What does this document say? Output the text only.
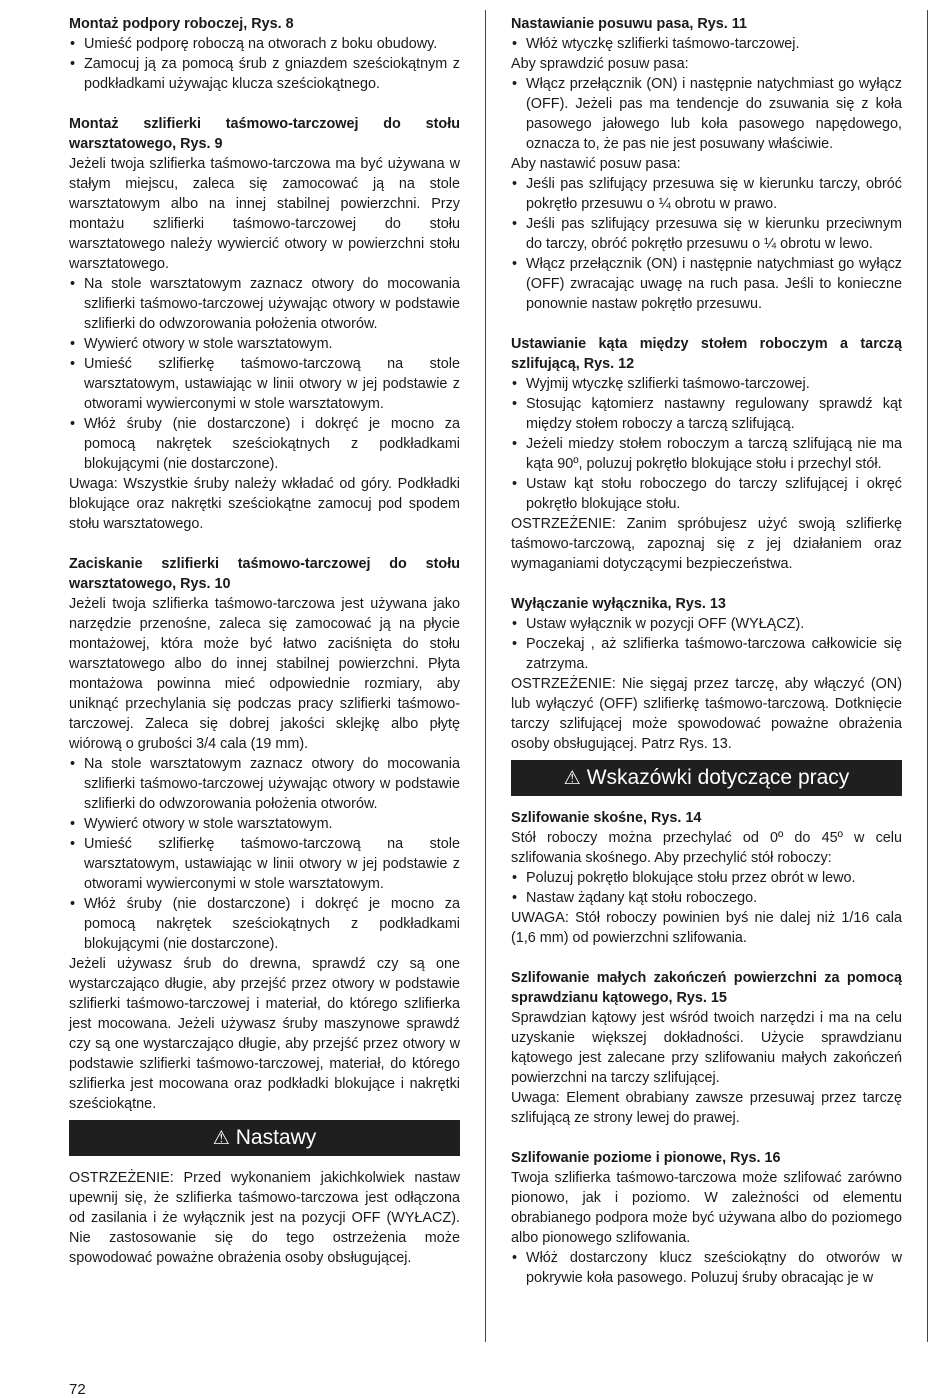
Montaż podpory roboczej, Rys. 8
• Umieść podporę roboczą na otworach z boku obudowy.
• Zamocuj ją za pomocą śrub z gniazdem sześciokątnym z podkładkami używając klucza sześciokątnego.
Montaż szlifierki taśmowo-tarczowej do stołu warsztatowego, Rys. 9

Jeżeli twoja szlifierka taśmowo-tarczowa ma być używana w stałym miejscu, zaleca się zamocować ją na stole warsztatowym albo na innej stabilnej powierzchni. Przy montażu szlifierki taśmowo-tarczowej do stołu warsztatowego należy wywiercić otwory w powierzchni stołu warsztatowego.

• Na stole warsztatowym zaznacz otwory do mocowania szlifierki taśmowo-tarczowej używając otwory w podstawie szlifierki do odwzorowania położenia otworów.
• Wywierć otwory w stole warsztatowym.
• Umieść szlifierkę taśmowo-tarczową na stole warsztatowym, ustawiając w linii otwory w jej podstawie z otworami wywierconymi w stole warsztatowym.
• Włóż śruby (nie dostarczone) i dokręć je mocno za pomocą nakrętek sześciokątnych z podkładkami blokującymi (nie dostarczone).

Uwaga: Wszystkie śruby należy wkładać od góry. Podkładki blokujące oraz nakrętki sześciokątne zamocuj pod spodem stołu warsztatowego.

Zaciskanie szlifierki taśmowo-tarczowej do stołu warsztatowego, Rys. 10

Jeżeli twoja szlifierka taśmowo-tarczowa jest używana jako narzędzie przenośne, zaleca się zamocować ją na płycie montażowej, która może być łatwo zaciśnięta do stołu warsztatowego albo do innej stabilnej powierzchni. Płyta montażowa powinna mieć odpowiednie rozmiary, aby uniknąć przechylania się podczas pracy szlifierki taśmowo-tarczowej. Zaleca się dobrej jakości sklejkę albo płytę wiórową o grubości 3/4 cala (19 mm).

• Na stole warsztatowym zaznacz otwory do mocowania szlifierki taśmowo-tarczowej używając otwory w podstawie szlifierki do odwzorowania położenia otworów.
• Wywierć otwory w stole warsztatowym.
• Umieść szlifierkę taśmowo-tarczową na stole warsztatowym, ustawiając w linii otwory w jej podstawie z otworami wywierconymi w stole warsztatowym.
• Włóż śruby (nie dostarczone) i dokręć je mocno za pomocą nakrętek sześciokątnych z podkładkami blokującymi (nie dostarczone).

Jeżeli używasz śrub do drewna, sprawdź czy są one wystarczająco długie, aby przejść przez otwory w podstawie szlifierki taśmowo-tarczowej i materiał, do którego szlifierka jest mocowana. Jeżeli używasz śruby maszynowe sprawdź czy są one wystarczająco długie, aby przejść przez otwory w podstawie szlifierki taśmowo-tarczowej, materiał, do którego szlifierka jest mocowana oraz podkładki blokujące i nakrętki sześciokątne.

⚠ Nastawy

OSTRZEŻENIE: Przed wykonaniem jakichkolwiek nastaw upewnij się, że szlifierka taśmowo-tarczowa jest odłączona od zasilania i że wyłącznik jest na pozycji OFF (WYŁACZ). Nie zastosowanie się do tego ostrzeżenia może spowodować poważne obrażenia osoby obsługującej.

Nastawianie posuwu pasa, Rys. 11
• Włóż wtyczkę szlifierki taśmowo-tarczowej.

Aby sprawdzić posuw pasa:

• Włącz przełącznik (ON) i następnie natychmiast go wyłącz (OFF). Jeżeli pas ma tendencje do zsuwania się z koła pasowego jałowego lub koła pasowego napędowego, oznacza to, że pas nie jest posuwany właściwie.

Aby nastawić posuw pasa:

• Jeśli pas szlifujący przesuwa się w kierunku tarczy, obróć pokrętło przesuwu o ¼ obrotu w prawo.
• Jeśli pas szlifujący przesuwa się w kierunku przeciwnym do tarczy, obróć pokrętło przesuwu o ¼ obrotu w lewo.
• Włącz przełącznik (ON) i następnie natychmiast go wyłącz (OFF) zwracając uwagę na ruch pasa. Jeśli to konieczne ponownie nastaw pokrętło przesuwu.
Ustawianie kąta między stołem roboczym a tarczą szlifującą, Rys. 12
• Wyjmij wtyczkę szlifierki taśmowo-tarczowej.
• Stosując kątomierz nastawny regulowany sprawdź kąt między stołem roboczy a tarczą szlifującą.
• Jeżeli miedzy stołem roboczym a tarczą szlifującą nie ma kąta 90º, poluzuj pokrętło blokujące stołu i przechyl stół.
• Ustaw kąt stołu roboczego do tarczy szlifującej i okręć pokrętło blokujące stołu.

OSTRZEŻENIE: Zanim spróbujesz użyć swoją szlifierkę taśmowo-tarczową, zapoznaj się z jej działaniem oraz wymaganiami dotyczącymi bezpieczeństwa.

Wyłączanie wyłącznika, Rys. 13
• Ustaw wyłącznik w pozycji OFF (WYŁĄCZ).
• Poczekaj , aż szlifierka taśmowo-tarczowa całkowicie się zatrzyma.

OSTRZEŻENIE: Nie sięgaj przez tarczę, aby włączyć (ON) lub wyłączyć (OFF) szlifierkę taśmowo-tarczową. Dotknięcie tarczy szlifującej może spowodować poważne obrażenia osoby obsługującej. Patrz Rys. 13.

⚠ Wskazówki dotyczące pracy
Szlifowanie skośne, Rys. 14

Stół roboczy można przechylać od 0º do 45º w celu szlifowania skośnego. Aby przechylić stół roboczy:

• Poluzuj pokrętło blokujące stołu przez obrót w lewo.
• Nastaw żądany kąt stołu roboczego.

UWAGA: Stół roboczy powinien byś nie dalej niż 1/16 cala (1,6 mm) od powierzchni szlifowania.

Szlifowanie małych zakończeń powierzchni za pomocą sprawdzianu kątowego, Rys. 15

Sprawdzian kątowy jest wśród twoich narzędzi i ma na celu uzyskanie większej dokładności. Użycie sprawdzianu kątowego jest zalecane przy szlifowaniu małych zakończeń powierzchni na tarczy szlifującej.

Uwaga: Element obrabiany zawsze przesuwaj przez tarczę szlifującą ze strony lewej do prawej.

Szlifowanie poziome i pionowe, Rys. 16

Twoja szlifierka taśmowo-tarczowa może szlifować zarówno pionowo, jak i poziomo. W zależności od elementu obrabianego podpora może być używana albo do poziomego albo pionowego szlifowania.

• Włóż dostarczony klucz sześciokątny do otworów w pokrywie koła pasowego. Poluzuj śruby obracając je w
72
